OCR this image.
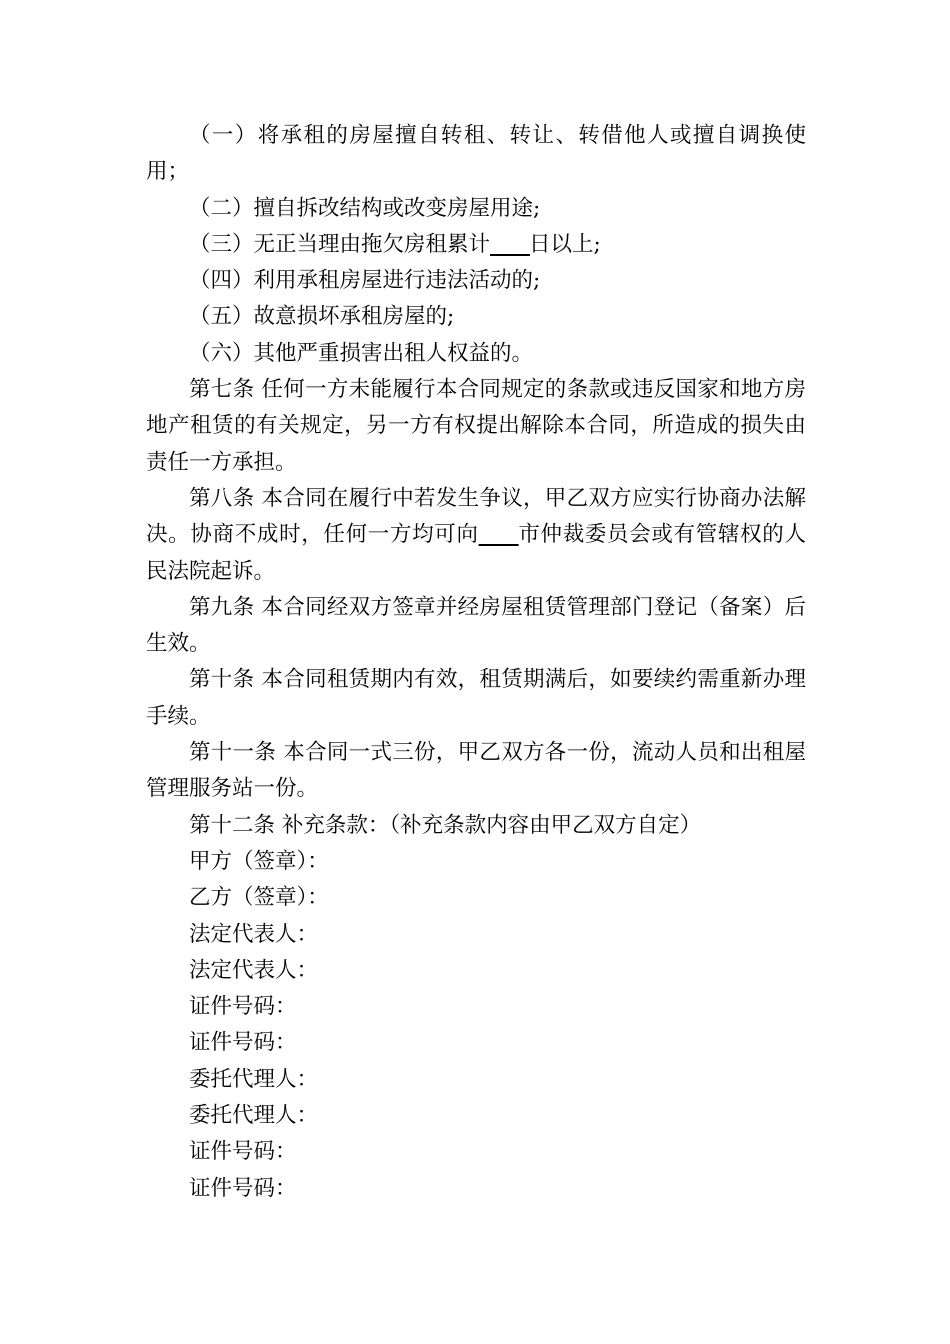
（一）将承租的房屋擅自转租、转让、转借他人或擅自调换使用；

（二）擅自拆改结构或改变房屋用途;

（三）无正当理由拖欠房租累计____日以上;

（四）利用承租房屋进行违法活动的;

（五）故意损坏承租房屋的;

（六）其他严重损害出租人权益的。

第七条 任何一方未能履行本合同规定的条款或违反国家和地方房地产租赁的有关规定，另一方有权提出解除本合同，所造成的损失由责任一方承担。

第八条 本合同在履行中若发生争议，甲乙双方应实行协商办法解决。协商不成时，任何一方均可向____市仲裁委员会或有管辖权的人民法院起诉。

第九条 本合同经双方签章并经房屋租赁管理部门登记（备案）后生效。

第十条 本合同租赁期内有效，租赁期满后，如要续约需重新办理手续。

第十一条 本合同一式三份，甲乙双方各一份，流动人员和出租屋管理服务站一份。

第十二条 补充条款：（补充条款内容由甲乙双方自定）

甲方（签章）：

乙方（签章）：

法定代表人：

法定代表人：

证件号码：

证件号码：

委托代理人：

委托代理人：

证件号码：

证件号码：
